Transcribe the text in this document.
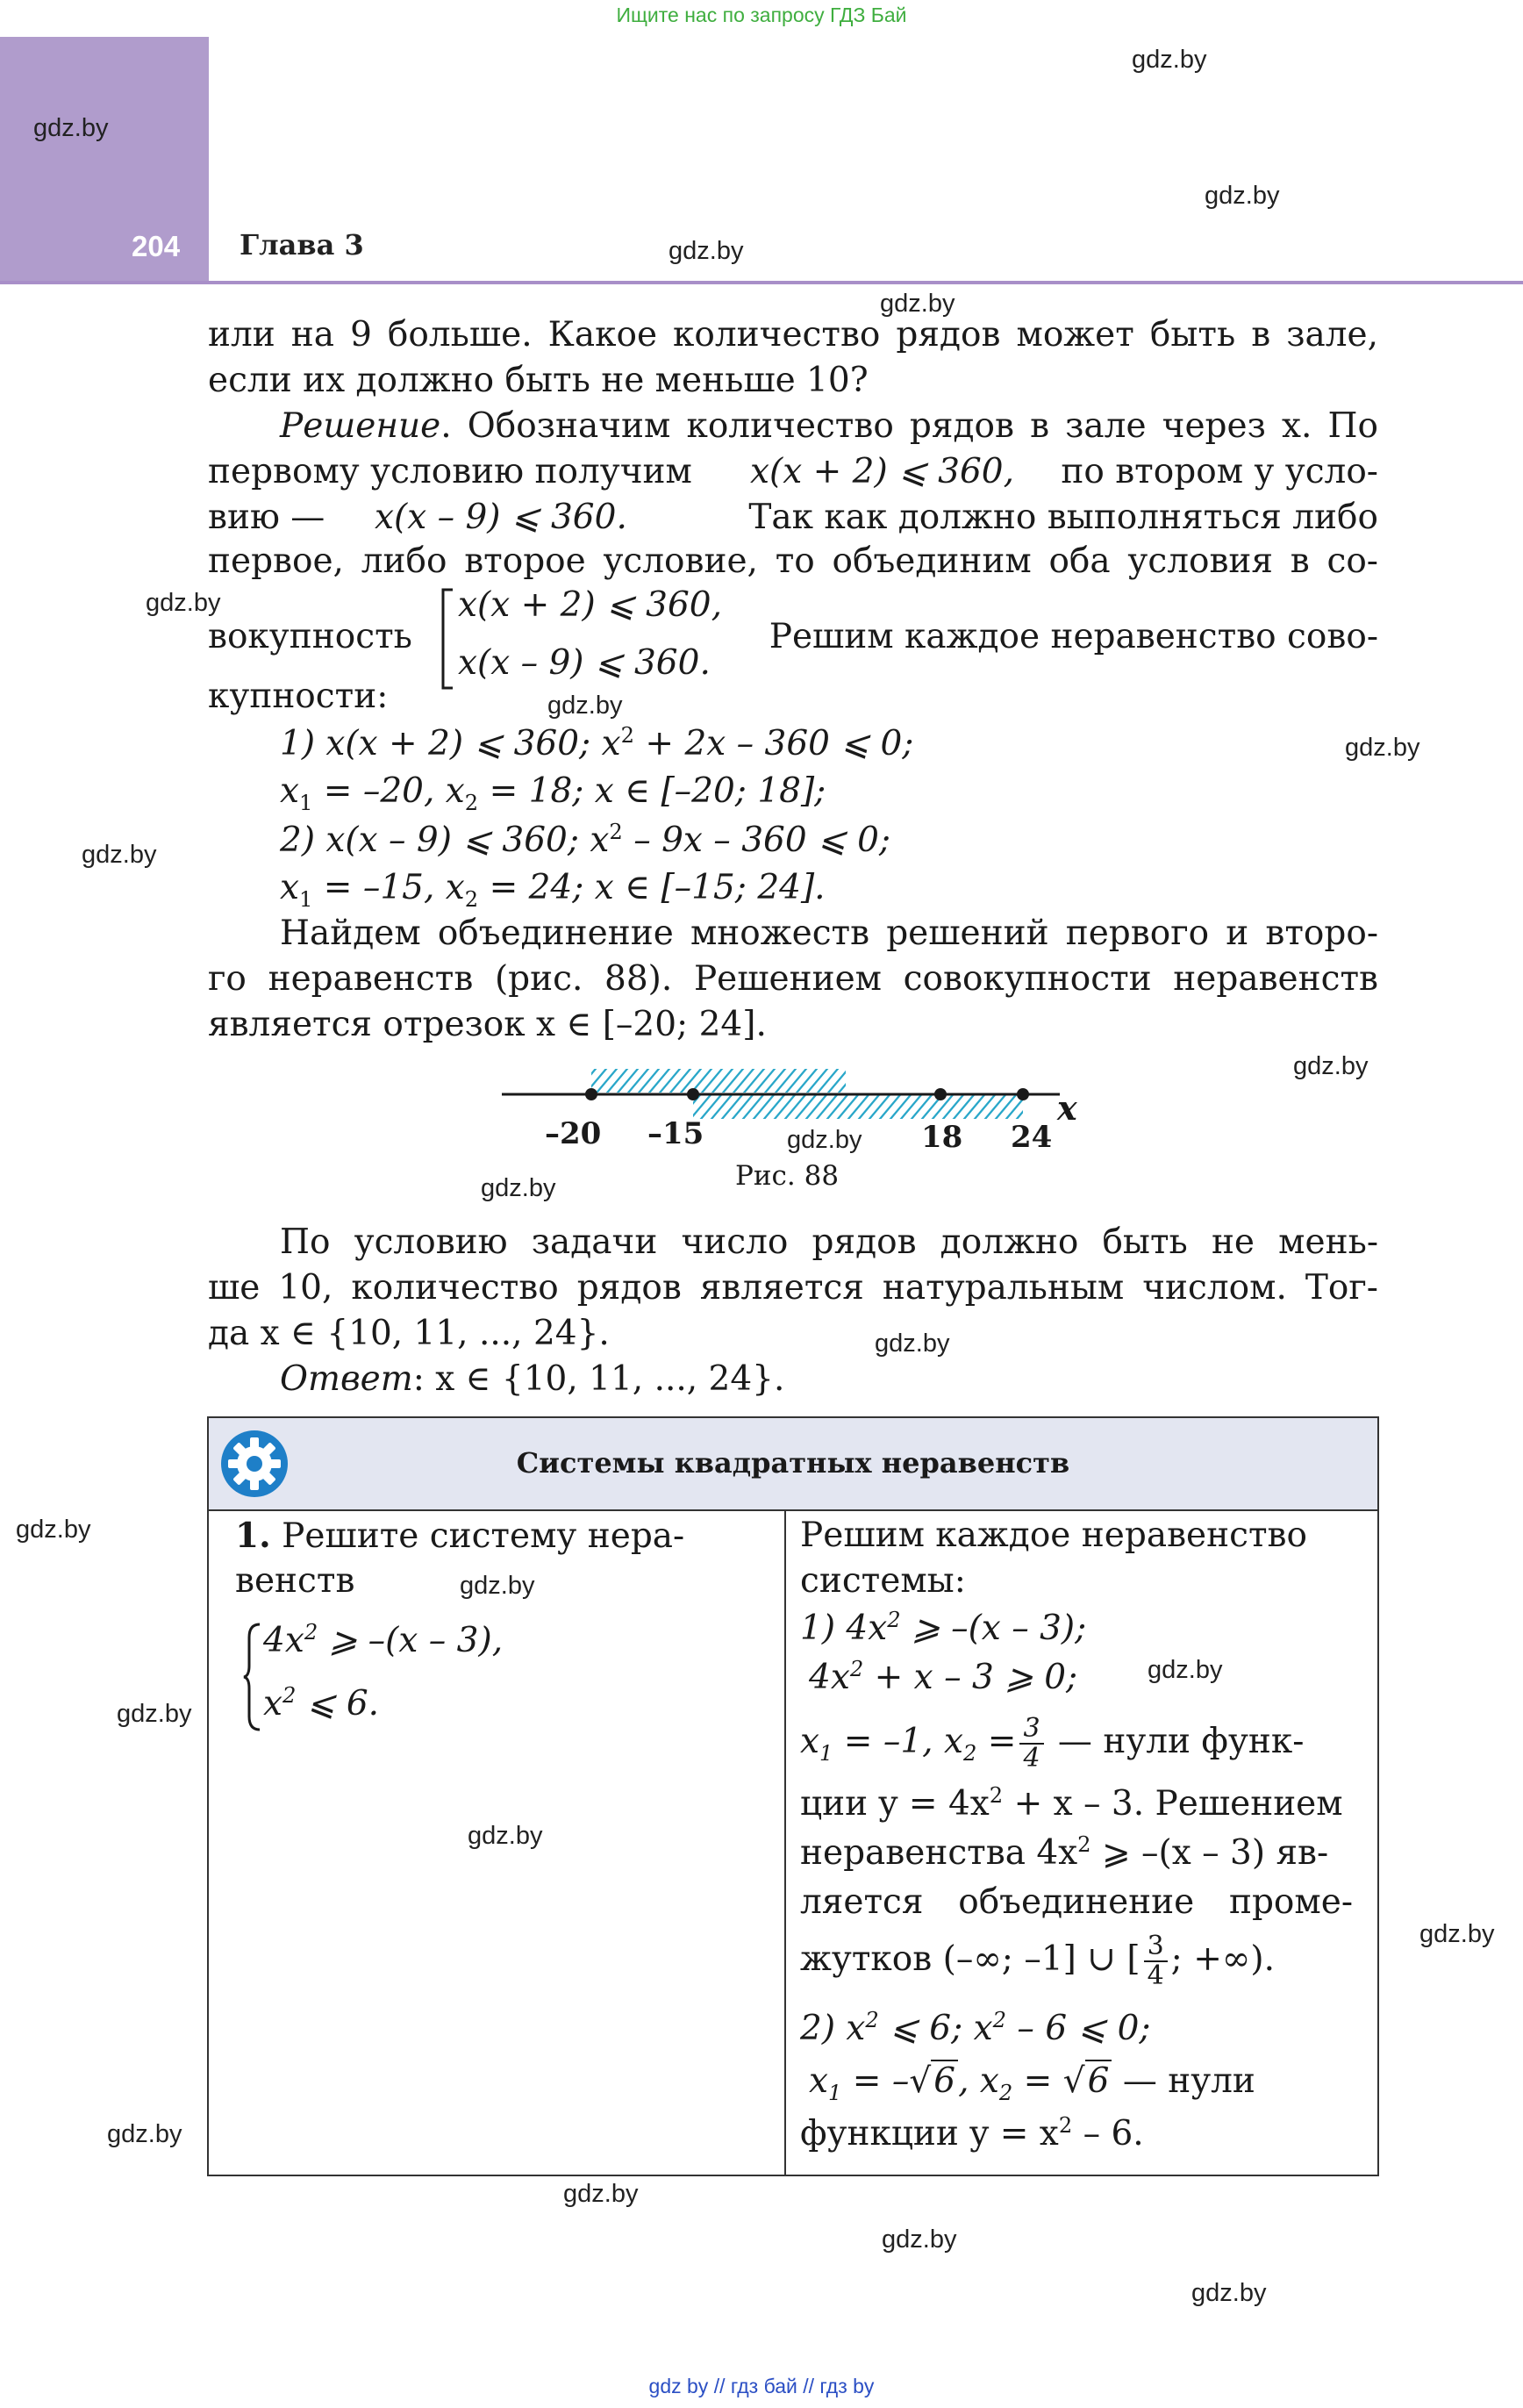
Ищите нас по запросу ГДЗ Бай
204 Глава 3
gdz.by
gdz.by
gdz.by
gdz.by
gdz.by
gdz.by
gdz.by
gdz.by
gdz.by
gdz.by
gdz.by
gdz.by
gdz.by
gdz.by
gdz.by
gdz.by
gdz.by
gdz.by
gdz.by
gdz.by
gdz.by
gdz.by
gdz.by
или на 9 больше. Какое количество рядов может быть в зале,
если их должно быть не меньше 10?
Решение. Обозначим количество рядов в зале через x. По
первому условию получим x(x + 2) ⩽ 360, по втором у усло-
вию — x(x – 9) ⩽ 360.	Так как должно выполняться либо
первое, либо второе условие, то объединим оба условия в со-
вокупность	Решим каждое неравенство сово-
x(x + 2) ⩽ 360,
x(x – 9) ⩽ 360.
купности:
1) x(x + 2) ⩽ 360; $x^2 + 2x - 360$ ⩽ 0;
$x_1 = -20$, $x_2 = 18$; x ∈ [–20; 18];
2) x(x – 9) ⩽ 360; $x^2 - 9x - 360$ ⩽ 0;
$x_1 = -15$, $x_2 = 24$; x ∈ [–15; 24].
Найдем объединение множеств решений первого и второ-
го неравенств (рис. 88). Решением совокупности неравенств
является отрезок x ∈ [–20; 24].
x
–20 –15	18 24
Рис. 88
По условию задачи число рядов должно быть не мень-
ше 10, количество рядов является натуральным числом. Тог-
да x ∈ {10, 11, ..., 24}.
Ответ: x ∈ {10, 11, ..., 24}.
Системы квадратных неравенств
1. Решите систему нера-
венств
$4x^2$ ⩾ –(x – 3),
$x^2$ ⩽ 6.
Решим каждое неравенство
системы:
1) $4x^2$ ⩾ –(x – 3);
$4x^2 + x - 3$ ⩾ 0;
$x_1 = -1$, $x_2 = \frac{3}{4}$ — нули функ-
ции $y = 4x^2 + x - 3$. Решением
неравенства $4x^2$ ⩾ –(x – 3) яв-
ляется объединение проме-
жутков (–∞; –1] ∪ [ $\frac{3}{4}$ ; +∞).
2) $x^2$ ⩽ 6; $x^2 - 6$ ⩽ 0;
$x_1 = -√6$, $x_2 = √6$ — нули
функции $y = x^2 - 6$.
gdz by // гдз бай // гдз by
